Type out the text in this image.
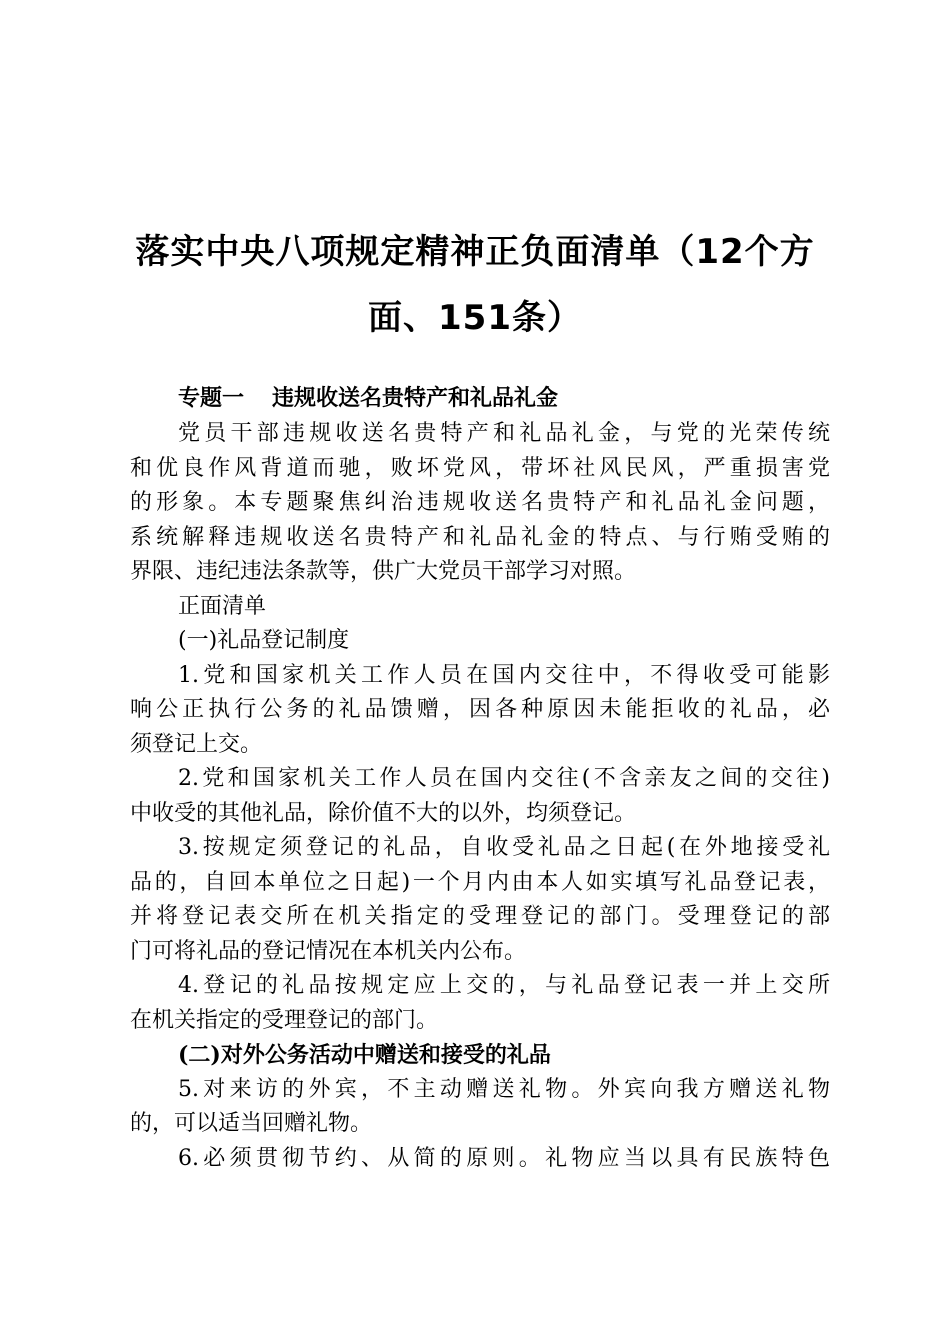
落实中央八项规定精神正负面清单（12个方
面、151条）
专题一 违规收送名贵特产和礼品礼金
党员干部违规收送名贵特产和礼品礼金，与党的光荣传统
和优良作风背道而驰，败坏党风，带坏社风民风，严重损害党
的形象。本专题聚焦纠治违规收送名贵特产和礼品礼金问题，
系统解释违规收送名贵特产和礼品礼金的特点、与行贿受贿的
界限、违纪违法条款等，供广大党员干部学习对照。
正面清单
(一)礼品登记制度
1.党和国家机关工作人员在国内交往中，不得收受可能影
响公正执行公务的礼品馈赠，因各种原因未能拒收的礼品，必
须登记上交。
2.党和国家机关工作人员在国内交往(不含亲友之间的交往)
中收受的其他礼品，除价值不大的以外，均须登记。
3.按规定须登记的礼品，自收受礼品之日起(在外地接受礼
品的，自回本单位之日起)一个月内由本人如实填写礼品登记表，
并将登记表交所在机关指定的受理登记的部门。受理登记的部
门可将礼品的登记情况在本机关内公布。
4.登记的礼品按规定应上交的，与礼品登记表一并上交所
在机关指定的受理登记的部门。
(二)对外公务活动中赠送和接受的礼品
5.对来访的外宾，不主动赠送礼物。外宾向我方赠送礼物
的，可以适当回赠礼物。
6.必须贯彻节约、从简的原则。礼物应当以具有民族特色
